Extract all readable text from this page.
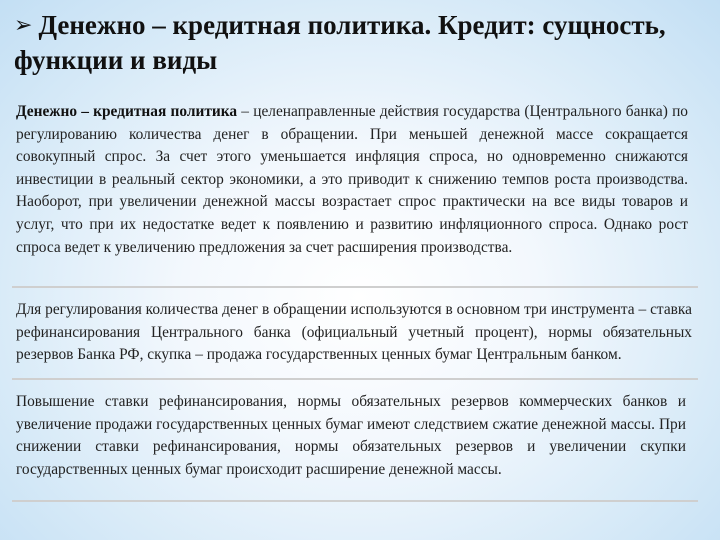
➢ Денежно – кредитная политика. Кредит: сущность, функции и виды
Денежно – кредитная политика – целенаправленные действия государства (Центрального банка) по регулированию количества денег в обращении. При меньшей денежной массе сокращается совокупный спрос. За счет этого уменьшается инфляция спроса, но одновременно снижаются инвестиции в реальный сектор экономики, а это приводит к снижению темпов роста производства. Наоборот, при увеличении денежной массы возрастает спрос практически на все виды товаров и услуг, что при их недостатке ведет к появлению и развитию инфляционного спроса. Однако рост спроса ведет к увеличению предложения за счет расширения производства.
Для регулирования количества денег в обращении используются в основном три инструмента – ставка рефинансирования Центрального банка (официальный учетный процент), нормы обязательных резервов Банка РФ, скупка – продажа государственных ценных бумаг Центральным банком.
Повышение ставки рефинансирования, нормы обязательных резервов коммерческих банков и увеличение продажи государственных ценных бумаг имеют следствием сжатие денежной массы. При снижении ставки рефинансирования, нормы обязательных резервов и увеличении скупки государственных ценных бумаг происходит расширение денежной массы.
